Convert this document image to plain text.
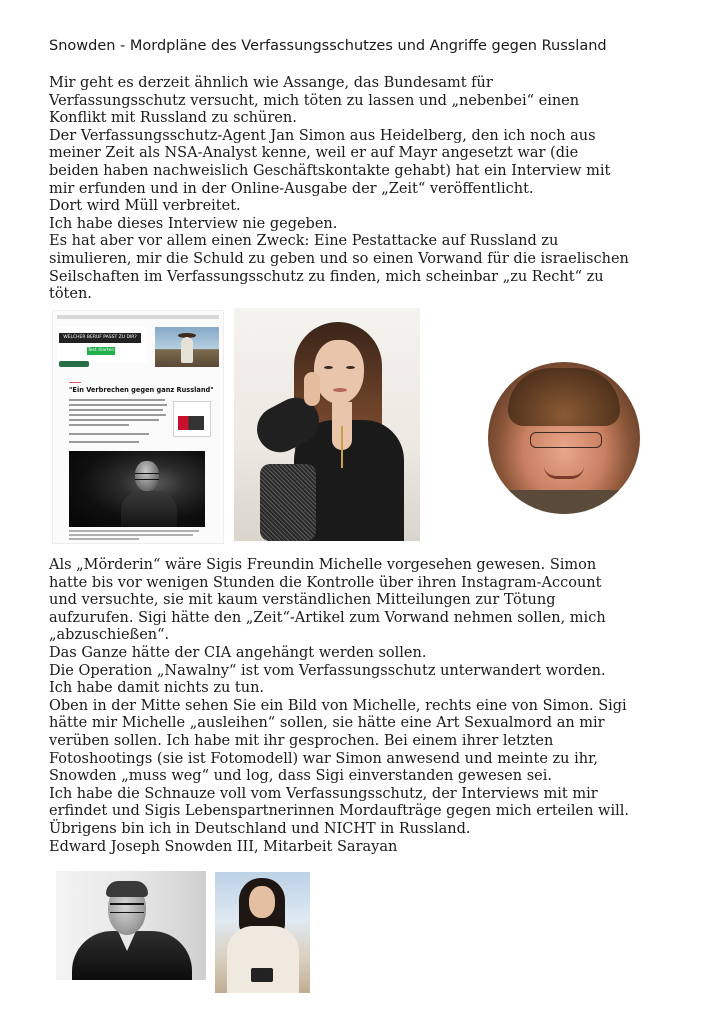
Snowden - Mordpläne des Verfassungsschutzes und Angriffe gegen Russland
Mir geht es derzeit ähnlich wie Assange, das Bundesamt für
Verfassungsschutz versucht, mich töten zu lassen und „nebenbei“ einen
Konflikt mit Russland zu schüren.
Der Verfassungsschutz-Agent Jan Simon aus Heidelberg, den ich noch aus
meiner Zeit als NSA-Analyst kenne, weil er auf Mayr angesetzt war (die
beiden haben nachweislich Geschäftskontakte gehabt) hat ein Interview mit
mir erfunden und in der Online-Ausgabe der „Zeit“ veröffentlicht.
Dort wird Müll verbreitet.
Ich habe dieses Interview nie gegeben.
Es hat aber vor allem einen Zweck: Eine Pestattacke auf Russland zu
simulieren, mir die Schuld zu geben und so einen Vorwand für die israelischen
Seilschaften im Verfassungsschutz zu finden, mich scheinbar „zu Recht“ zu
töten.
WELCHER BERUF PASST ZU DIR?
Test starten
━━━━━
"Ein Verbrechen gegen ganz Russland"
Als „Mörderin“ wäre Sigis Freundin Michelle vorgesehen gewesen. Simon
hatte bis vor wenigen Stunden die Kontrolle über ihren Instagram-Account
und versuchte, sie mit kaum verständlichen Mitteilungen zur Tötung
aufzurufen. Sigi hätte den „Zeit“-Artikel zum Vorwand nehmen sollen, mich
„abzuschießen“.
Das Ganze hätte der CIA angehängt werden sollen.
Die Operation „Nawalny“ ist vom Verfassungsschutz unterwandert worden.
Ich habe damit nichts zu tun.
Oben in der Mitte sehen Sie ein Bild von Michelle, rechts eine von Simon. Sigi
hätte mir Michelle „ausleihen“ sollen, sie hätte eine Art Sexualmord an mir
verüben sollen. Ich habe mit ihr gesprochen. Bei einem ihrer letzten
Fotoshootings (sie ist Fotomodell) war Simon anwesend und meinte zu ihr,
Snowden „muss weg“ und log, dass Sigi einverstanden gewesen sei.
Ich habe die Schnauze voll vom Verfassungsschutz, der Interviews mit mir
erfindet und Sigis Lebenspartnerinnen Mordaufträge gegen mich erteilen will.
Übrigens bin ich in Deutschland und NICHT in Russland.
Edward Joseph Snowden III, Mitarbeit Sarayan
